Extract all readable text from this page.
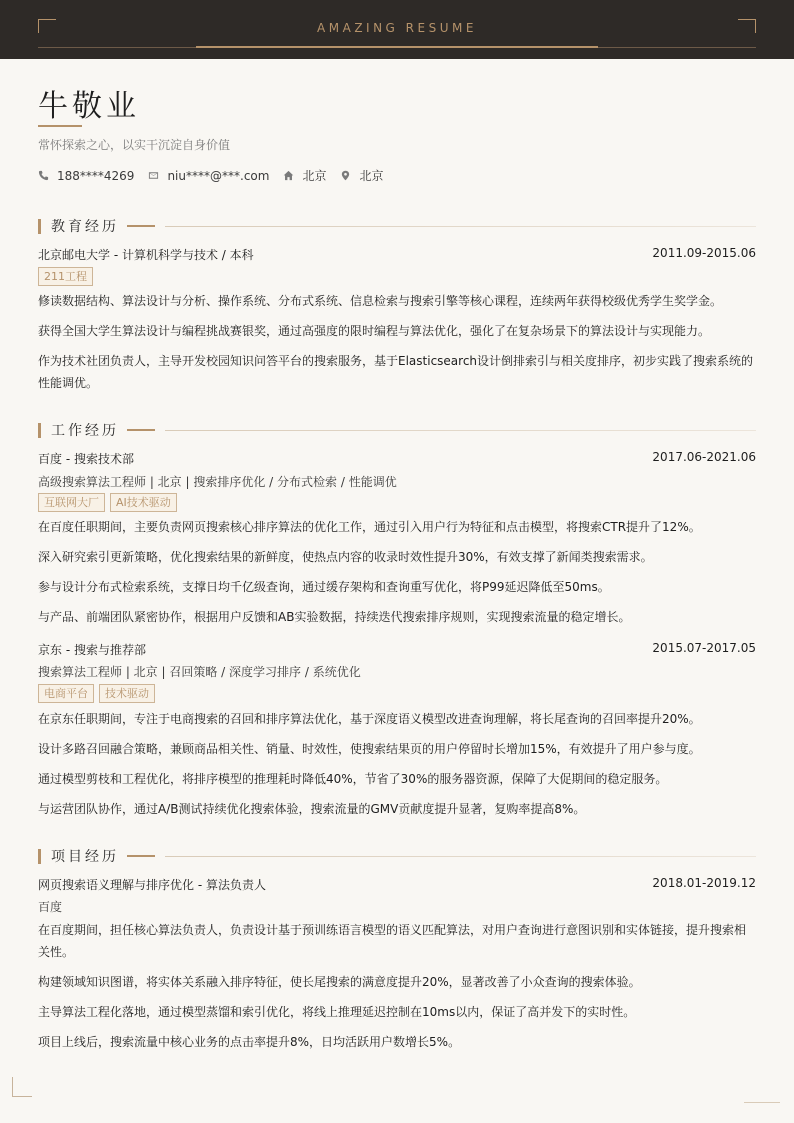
AMAZING RESUME
牛敬业
常怀探索之心，以实干沉淀自身价值
188****4269	niu****@***.com	北京	北京
教育经历
北京邮电大学 - 计算机科学与技术 / 本科	2011.09-2015.06
211工程
修读数据结构、算法设计与分析、操作系统、分布式系统、信息检索与搜索引擎等核心课程，连续两年获得校级优秀学生奖学金。
获得全国大学生算法设计与编程挑战赛银奖，通过高强度的限时编程与算法优化，强化了在复杂场景下的算法设计与实现能力。
作为技术社团负责人，主导开发校园知识问答平台的搜索服务，基于Elasticsearch设计倒排索引与相关度排序，初步实践了搜索系统的性能调优。
工作经历
百度 - 搜索技术部	2017.06-2021.06
高级搜索算法工程师 | 北京 | 搜索排序优化 / 分布式检索 / 性能调优
互联网大厂	AI技术驱动
在百度任职期间，主要负责网页搜索核心排序算法的优化工作，通过引入用户行为特征和点击模型，将搜索CTR提升了12%。
深入研究索引更新策略，优化搜索结果的新鲜度，使热点内容的收录时效性提升30%，有效支撑了新闻类搜索需求。
参与设计分布式检索系统，支撑日均千亿级查询，通过缓存架构和查询重写优化，将P99延迟降低至50ms。
与产品、前端团队紧密协作，根据用户反馈和AB实验数据，持续迭代搜索排序规则，实现搜索流量的稳定增长。
京东 - 搜索与推荐部	2015.07-2017.05
搜索算法工程师 | 北京 | 召回策略 / 深度学习排序 / 系统优化
电商平台	技术驱动
在京东任职期间，专注于电商搜索的召回和排序算法优化，基于深度语义模型改进查询理解，将长尾查询的召回率提升20%。
设计多路召回融合策略，兼顾商品相关性、销量、时效性，使搜索结果页的用户停留时长增加15%，有效提升了用户参与度。
通过模型剪枝和工程优化，将排序模型的推理耗时降低40%，节省了30%的服务器资源，保障了大促期间的稳定服务。
与运营团队协作，通过A/B测试持续优化搜索体验，搜索流量的GMV贡献度提升显著，复购率提高8%。
项目经历
网页搜索语义理解与排序优化 - 算法负责人	2018.01-2019.12
百度
在百度期间，担任核心算法负责人，负责设计基于预训练语言模型的语义匹配算法，对用户查询进行意图识别和实体链接，提升搜索相关性。
构建领域知识图谱，将实体关系融入排序特征，使长尾搜索的满意度提升20%，显著改善了小众查询的搜索体验。
主导算法工程化落地，通过模型蒸馏和索引优化，将线上推理延迟控制在10ms以内，保证了高并发下的实时性。
项目上线后，搜索流量中核心业务的点击率提升8%，日均活跃用户数增长5%。
